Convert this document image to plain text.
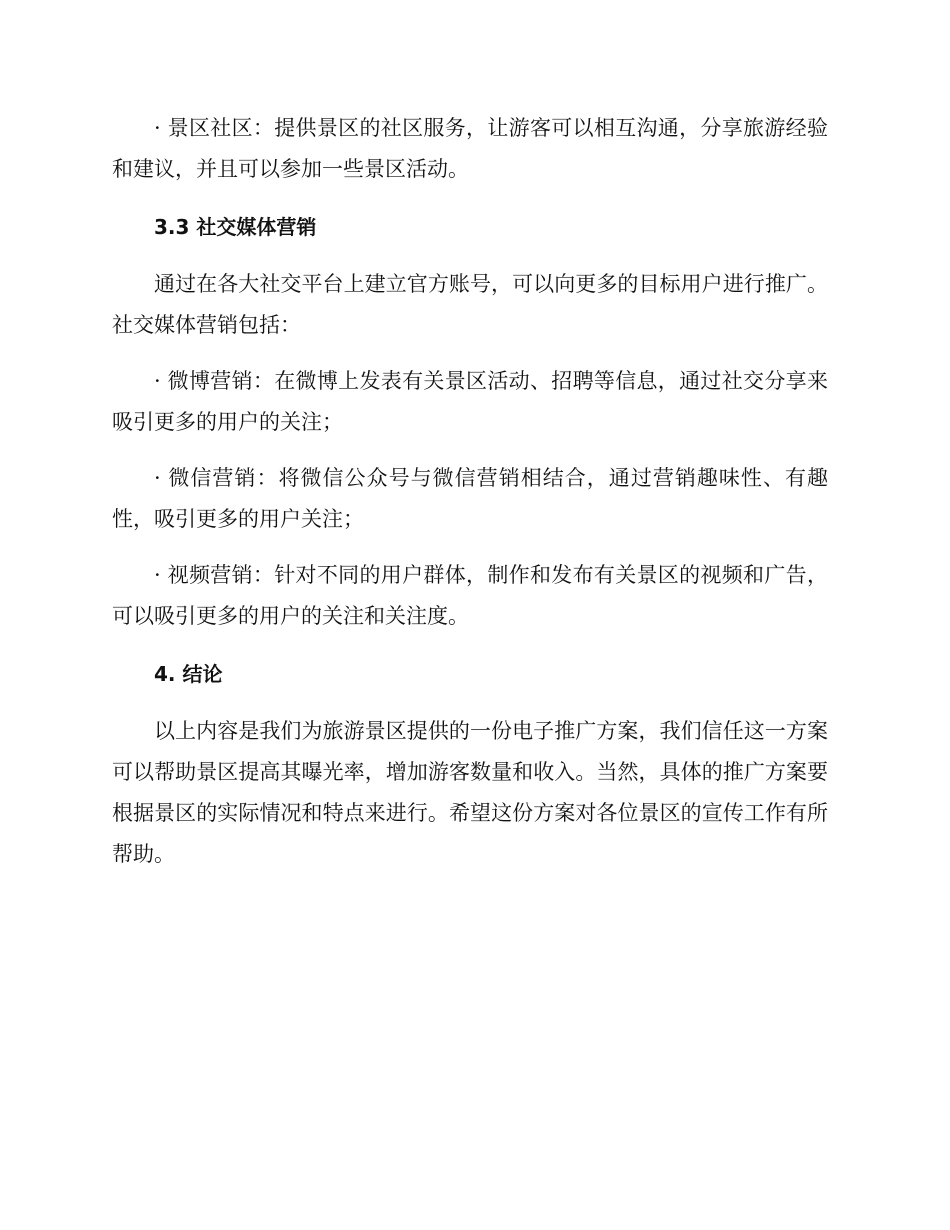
· 景区社区：提供景区的社区服务，让游客可以相互沟通，分享旅游经验和建议，并且可以参加一些景区活动。

3.3 社交媒体营销

通过在各大社交平台上建立官方账号，可以向更多的目标用户进行推广。社交媒体营销包括：

· 微博营销：在微博上发表有关景区活动、招聘等信息，通过社交分享来吸引更多的用户的关注；

· 微信营销：将微信公众号与微信营销相结合，通过营销趣味性、有趣性，吸引更多的用户关注；

· 视频营销：针对不同的用户群体，制作和发布有关景区的视频和广告，可以吸引更多的用户的关注和关注度。

4. 结论

以上内容是我们为旅游景区提供的一份电子推广方案，我们信任这一方案可以帮助景区提高其曝光率，增加游客数量和收入。当然，具体的推广方案要根据景区的实际情况和特点来进行。希望这份方案对各位景区的宣传工作有所帮助。
